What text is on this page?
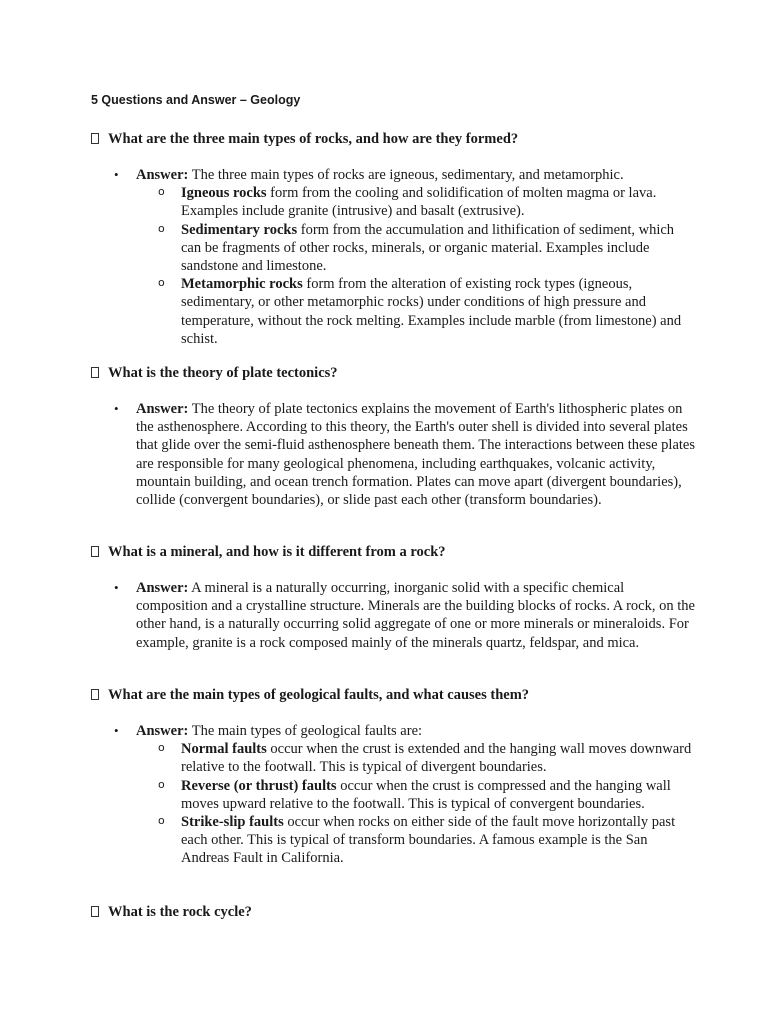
5 Questions and Answer – Geology
What are the three main types of rocks, and how are they formed?

• Answer: The three main types of rocks are igneous, sedimentary, and metamorphic.

o Igneous rocks form from the cooling and solidification of molten magma or lava. Examples include granite (intrusive) and basalt (extrusive).
o Sedimentary rocks form from the accumulation and lithification of sediment, which can be fragments of other rocks, minerals, or organic material. Examples include sandstone and limestone.
o Metamorphic rocks form from the alteration of existing rock types (igneous, sedimentary, or other metamorphic rocks) under conditions of high pressure and temperature, without the rock melting. Examples include marble (from limestone) and schist.
What is the theory of plate tectonics?

• Answer: The theory of plate tectonics explains the movement of Earth's lithospheric plates on the asthenosphere. According to this theory, the Earth's outer shell is divided into several plates that glide over the semi-fluid asthenosphere beneath them. The interactions between these plates are responsible for many geological phenomena, including earthquakes, volcanic activity, mountain building, and ocean trench formation. Plates can move apart (divergent boundaries), collide (convergent boundaries), or slide past each other (transform boundaries).

What is a mineral, and how is it different from a rock?

• Answer: A mineral is a naturally occurring, inorganic solid with a specific chemical composition and a crystalline structure. Minerals are the building blocks of rocks. A rock, on the other hand, is a naturally occurring solid aggregate of one or more minerals or mineraloids. For example, granite is a rock composed mainly of the minerals quartz, feldspar, and mica.

What are the main types of geological faults, and what causes them?

• Answer: The main types of geological faults are:

o Normal faults occur when the crust is extended and the hanging wall moves downward relative to the footwall. This is typical of divergent boundaries.
o Reverse (or thrust) faults occur when the crust is compressed and the hanging wall moves upward relative to the footwall. This is typical of convergent boundaries.
o Strike-slip faults occur when rocks on either side of the fault move horizontally past each other. This is typical of transform boundaries. A famous example is the San Andreas Fault in California.
What is the rock cycle?
